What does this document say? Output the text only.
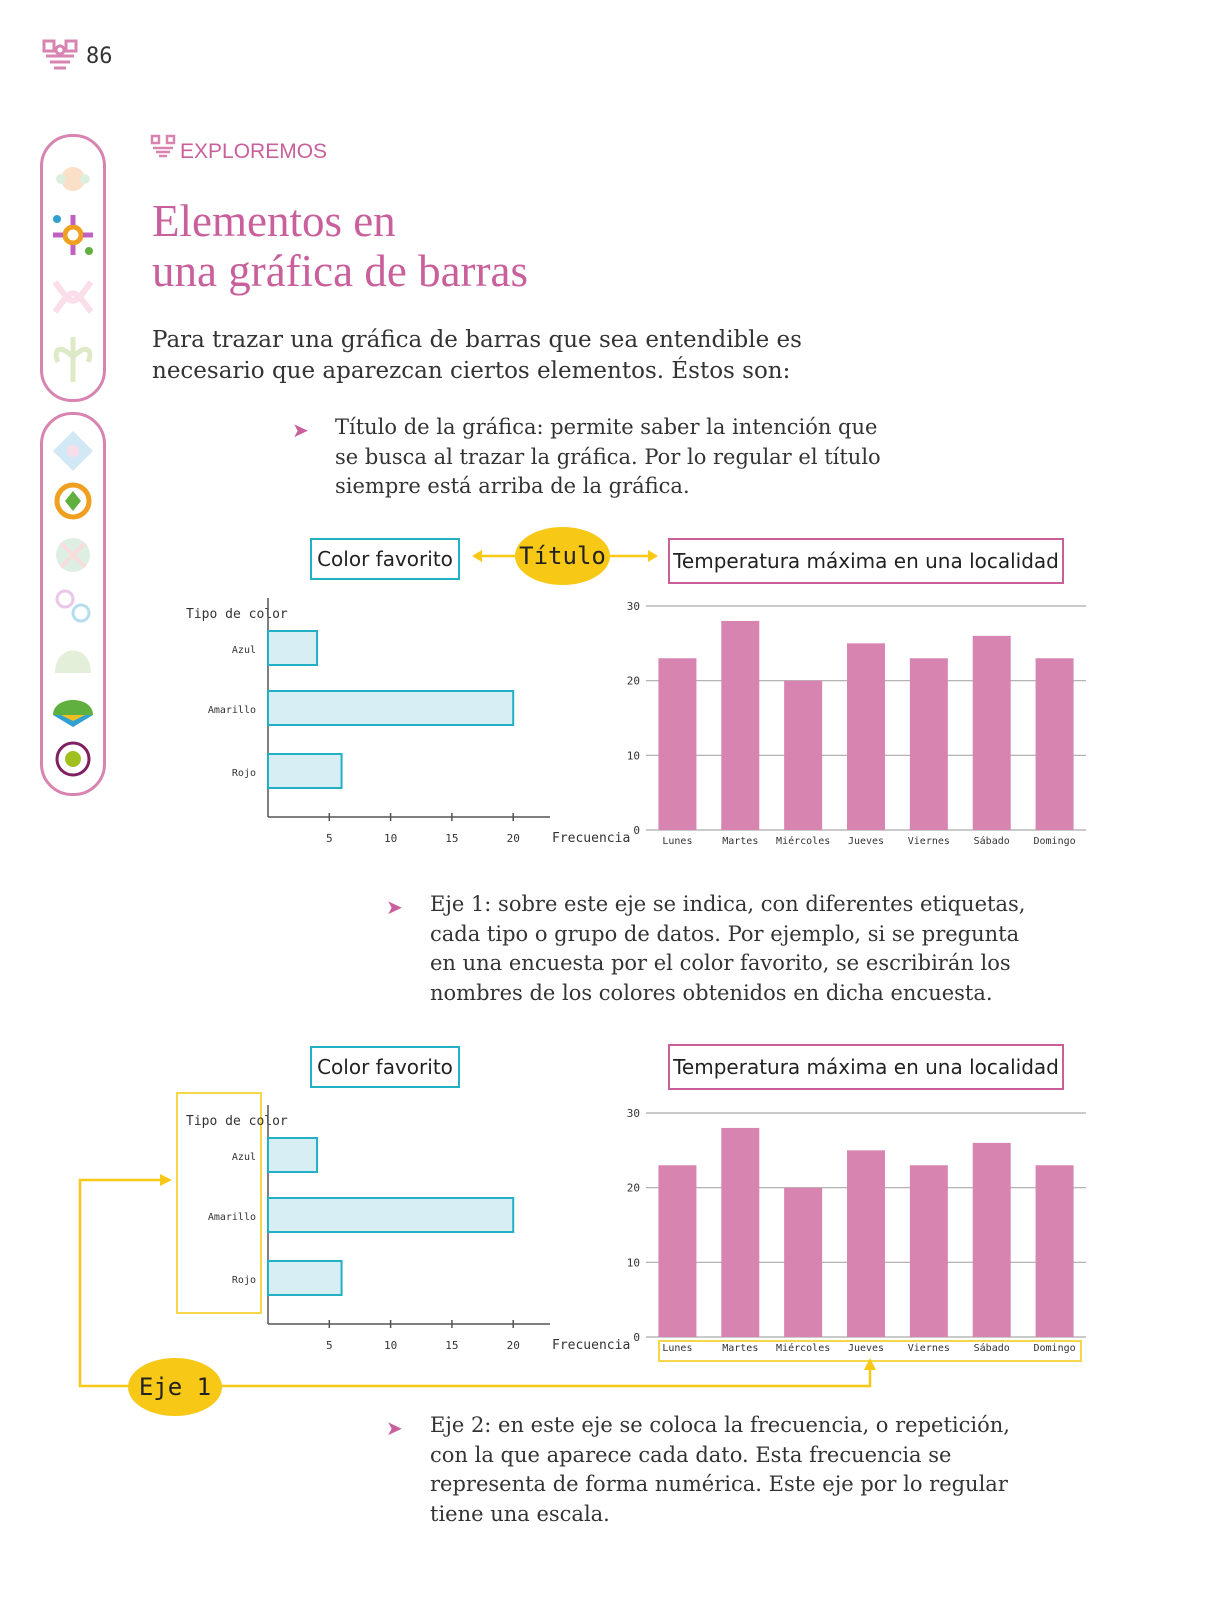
86
EXPLOREMOS
Elementos en
una gráfica de barras

Para trazar una gráfica de barras que sea entendible es necesario que aparezcan ciertos elementos. Éstos son:

➤ Título de la gráfica: permite saber la intención que se busca al trazar la gráfica. Por lo regular el título siempre está arriba de la gráfica.

Color favorito	Temperatura máxima en una localidad
Título
Tipo de color
Azul
Amarillo
Rojo
5	10	15	20 Frecuencia
0
10
20
30
Lunes	Martes Miércoles Jueves Viernes Sábado Domingo
➤ Eje 1: sobre este eje se indica, con diferentes etiquetas, cada tipo o grupo de datos. Por ejemplo, si se pregunta en una encuesta por el color favorito, se escribirán los nombres de los colores obtenidos en dicha encuesta.

Color favorito	Temperatura máxima en una localidad
Eje 1
Tipo de color
Azul
Amarillo
Rojo
5	10	15	20 Frecuencia
0
10
20
30
Lunes	Martes Miércoles Jueves Viernes Sábado Domingo
➤ Eje 2: en este eje se coloca la frecuencia, o repetición, con la que aparece cada dato. Esta frecuencia se representa de forma numérica. Este eje por lo regular tiene una escala.
